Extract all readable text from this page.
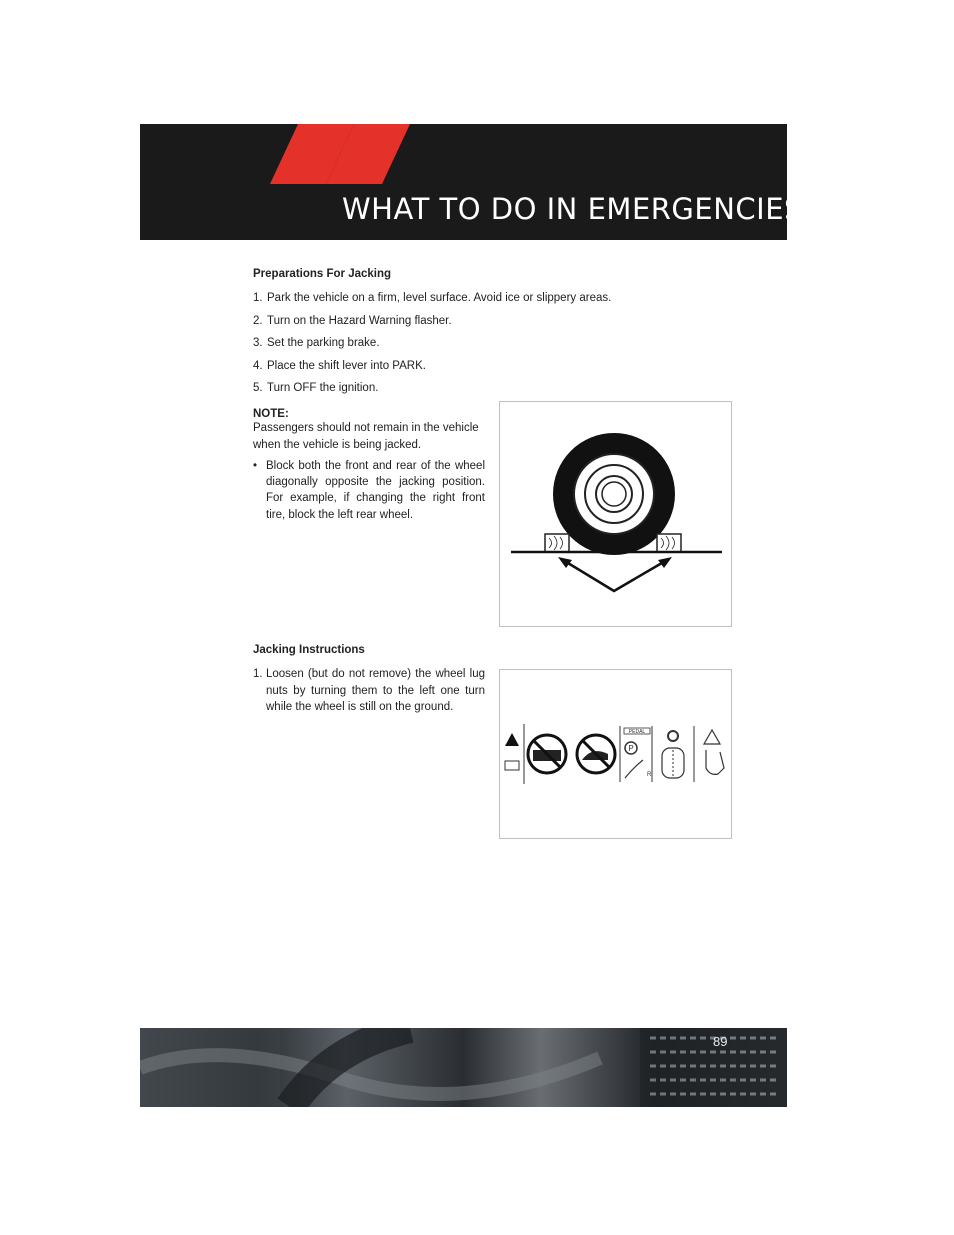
WHAT TO DO IN EMERGENCIES
Preparations For Jacking
1. Park the vehicle on a firm, level surface. Avoid ice or slippery areas.
2. Turn on the Hazard Warning flasher.
3. Set the parking brake.
4. Place the shift lever into PARK.
5. Turn OFF the ignition.
NOTE:
Passengers should not remain in the vehicle when the vehicle is being jacked.
• Block both the front and rear of the wheel diagonally opposite the jacking position. For example, if changing the right front tire, block the left rear wheel.
Jacking Instructions
1. Loosen (but do not remove) the wheel lug nuts by turning them to the left one turn while the wheel is still on the ground.
PEDAL
P
R
89
